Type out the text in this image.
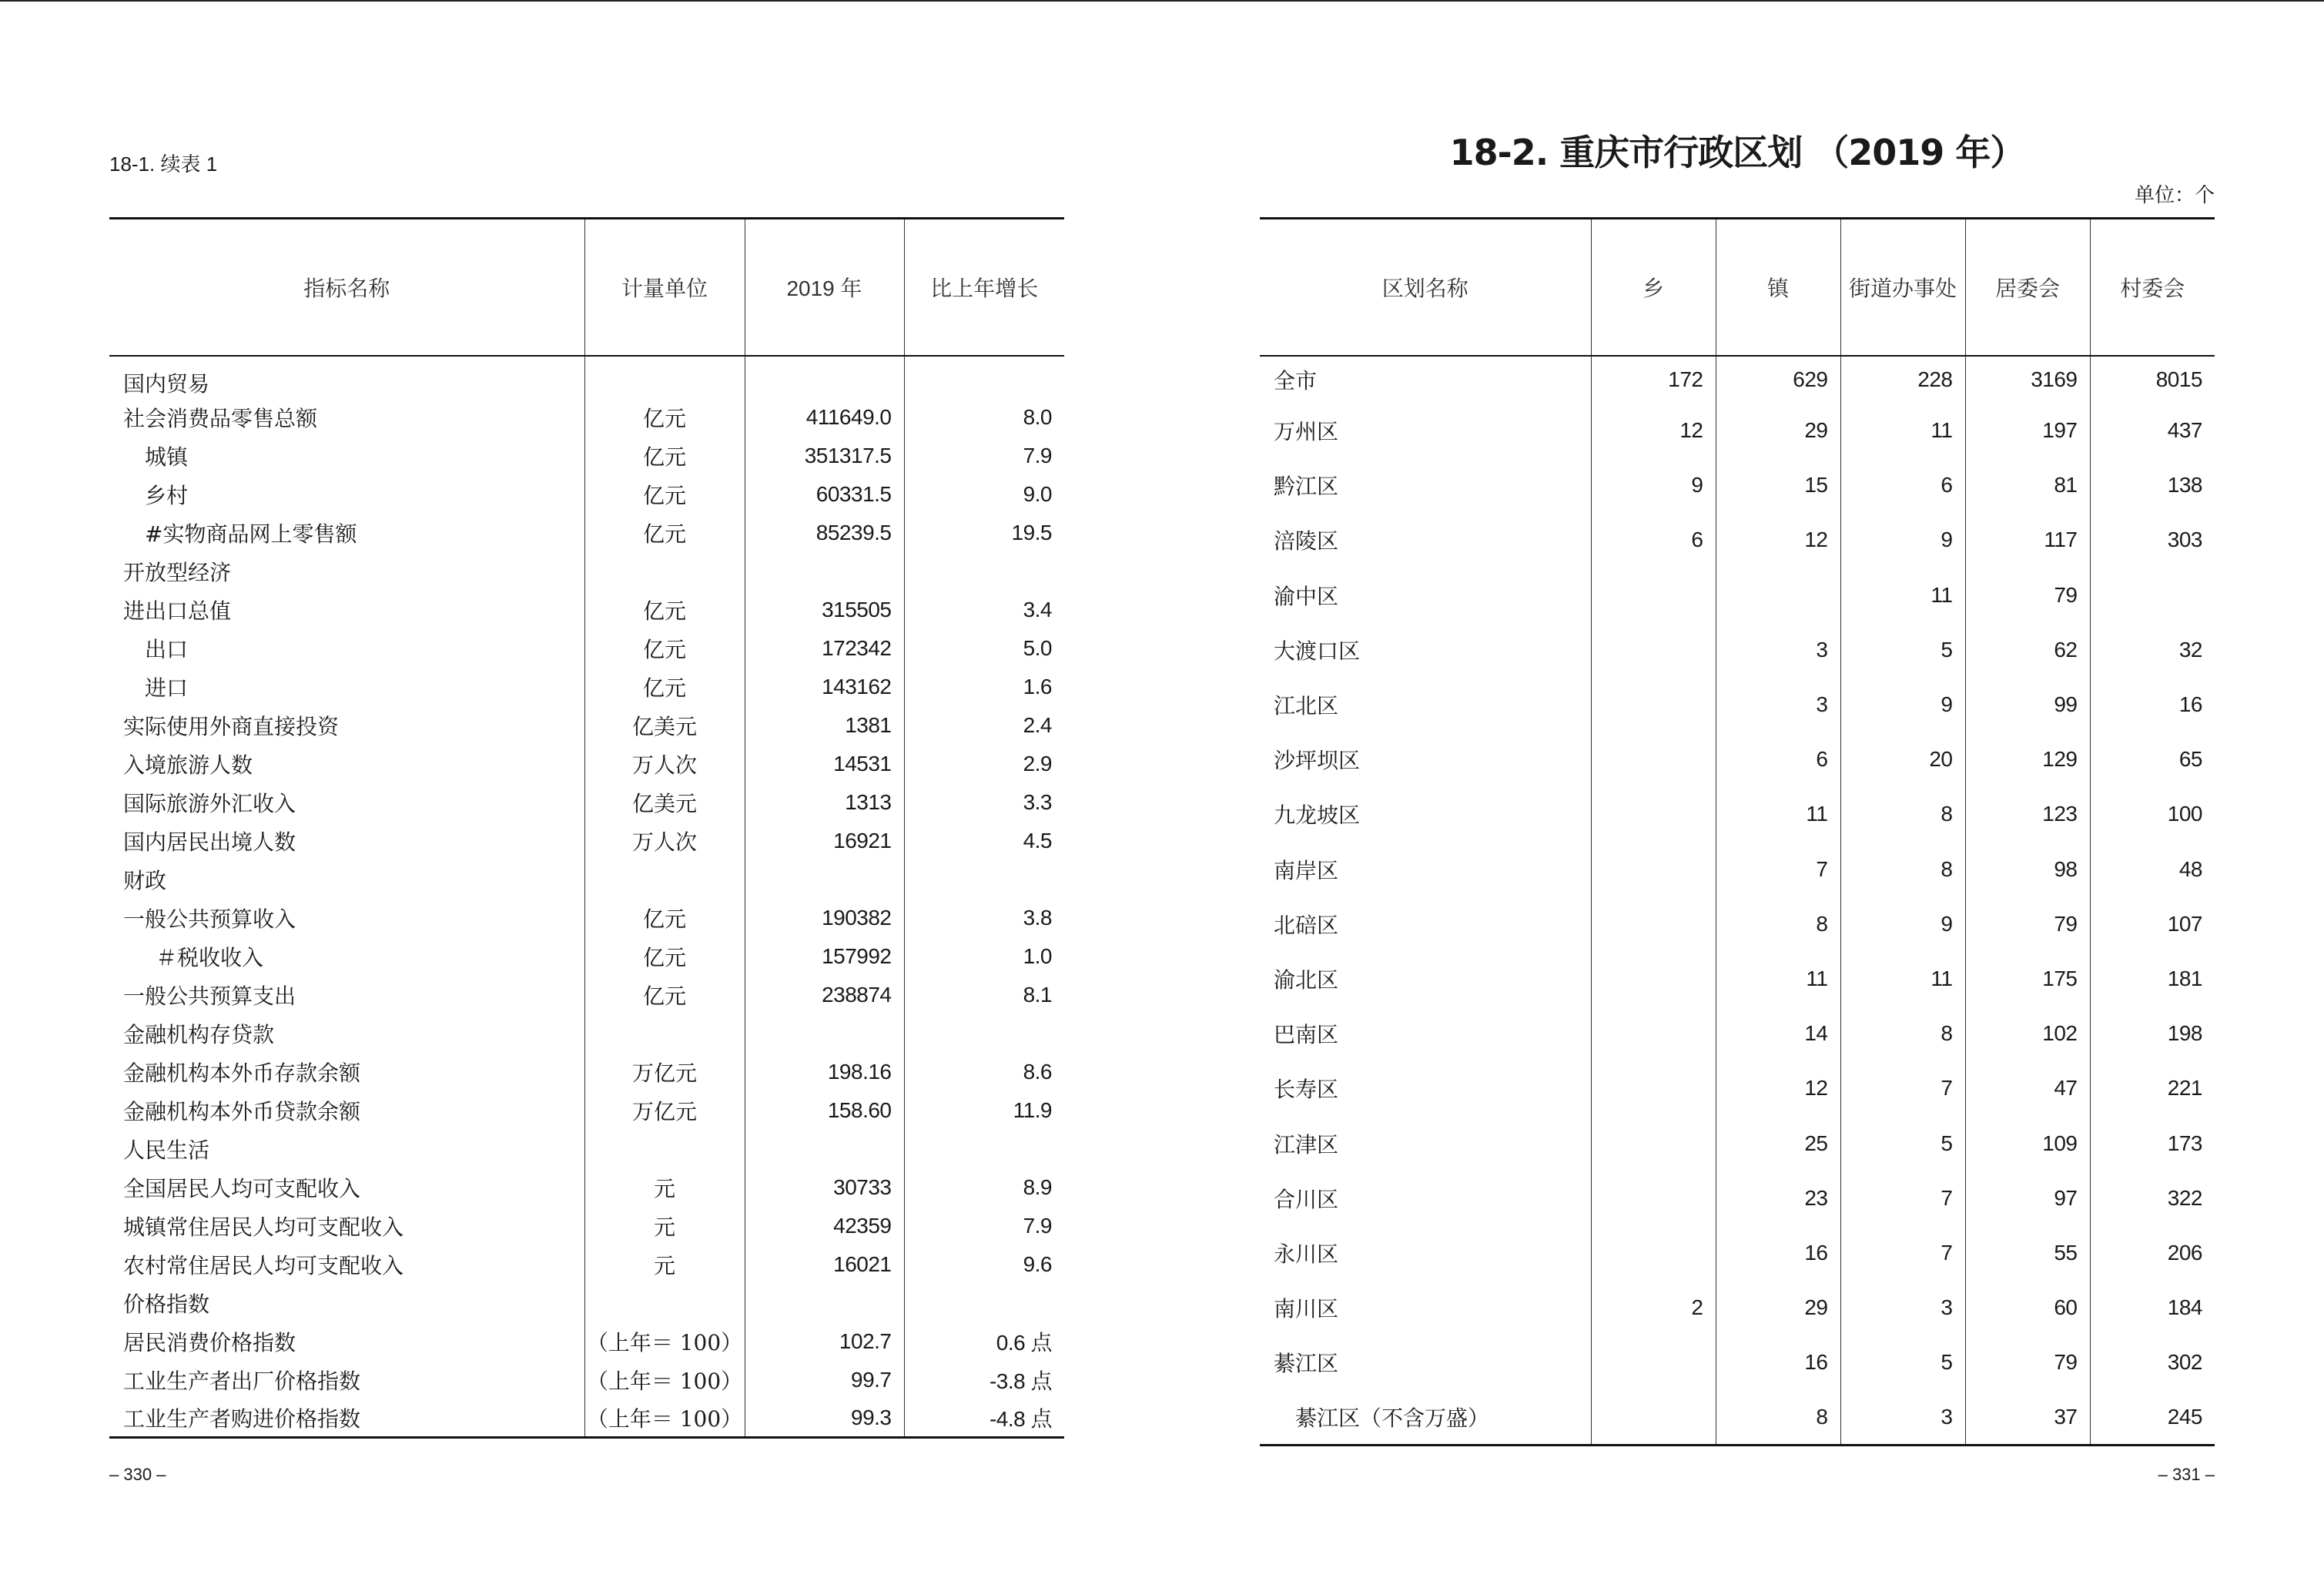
18-1. 续表 1
指标名称	计量单位	2019 年	比上年增长
国内贸易			
社会消费品零售总额	亿元	411649.0	8.0
城镇	亿元	351317.5	7.9
乡村	亿元	60331.5	9.0
#实物商品网上零售额	亿元	85239.5	19.5
开放型经济			
进出口总值	亿元	315505	3.4
出口	亿元	172342	5.0
进口	亿元	143162	1.6
实际使用外商直接投资	亿美元	1381	2.4
入境旅游人数	万人次	14531	2.9
国际旅游外汇收入	亿美元	1313	3.3
国内居民出境人数	万人次	16921	4.5
财政			
一般公共预算收入	亿元	190382	3.8
＃税收收入	亿元	157992	1.0
一般公共预算支出	亿元	238874	8.1
金融机构存贷款			
金融机构本外币存款余额	万亿元	198.16	8.6
金融机构本外币贷款余额	万亿元	158.60	11.9
人民生活			
全国居民人均可支配收入	元	30733	8.9
城镇常住居民人均可支配收入	元	42359	7.9
农村常住居民人均可支配收入	元	16021	9.6
价格指数			
居民消费价格指数	（上年＝ 100）	102.7	0.6 点
工业生产者出厂价格指数	（上年＝ 100）	99.7	-3.8 点
工业生产者购进价格指数	（上年＝ 100）	99.3	-4.8 点
– 330 –
18-2. 重庆市行政区划 （2019 年）
单位：个
区划名称	乡	镇	街道办事处	居委会	村委会
全市	172	629	228	3169	8015
万州区	12	29	11	197	437
黔江区	9	15	6	81	138
涪陵区	6	12	9	117	303
渝中区			11	79	
大渡口区		3	5	62	32
江北区		3	9	99	16
沙坪坝区		6	20	129	65
九龙坡区		11	8	123	100
南岸区		7	8	98	48
北碚区		8	9	79	107
渝北区		11	11	175	181
巴南区		14	8	102	198
长寿区		12	7	47	221
江津区		25	5	109	173
合川区		23	7	97	322
永川区		16	7	55	206
南川区	2	29	3	60	184
綦江区		16	5	79	302
綦江区（不含万盛）		8	3	37	245
– 331 –
